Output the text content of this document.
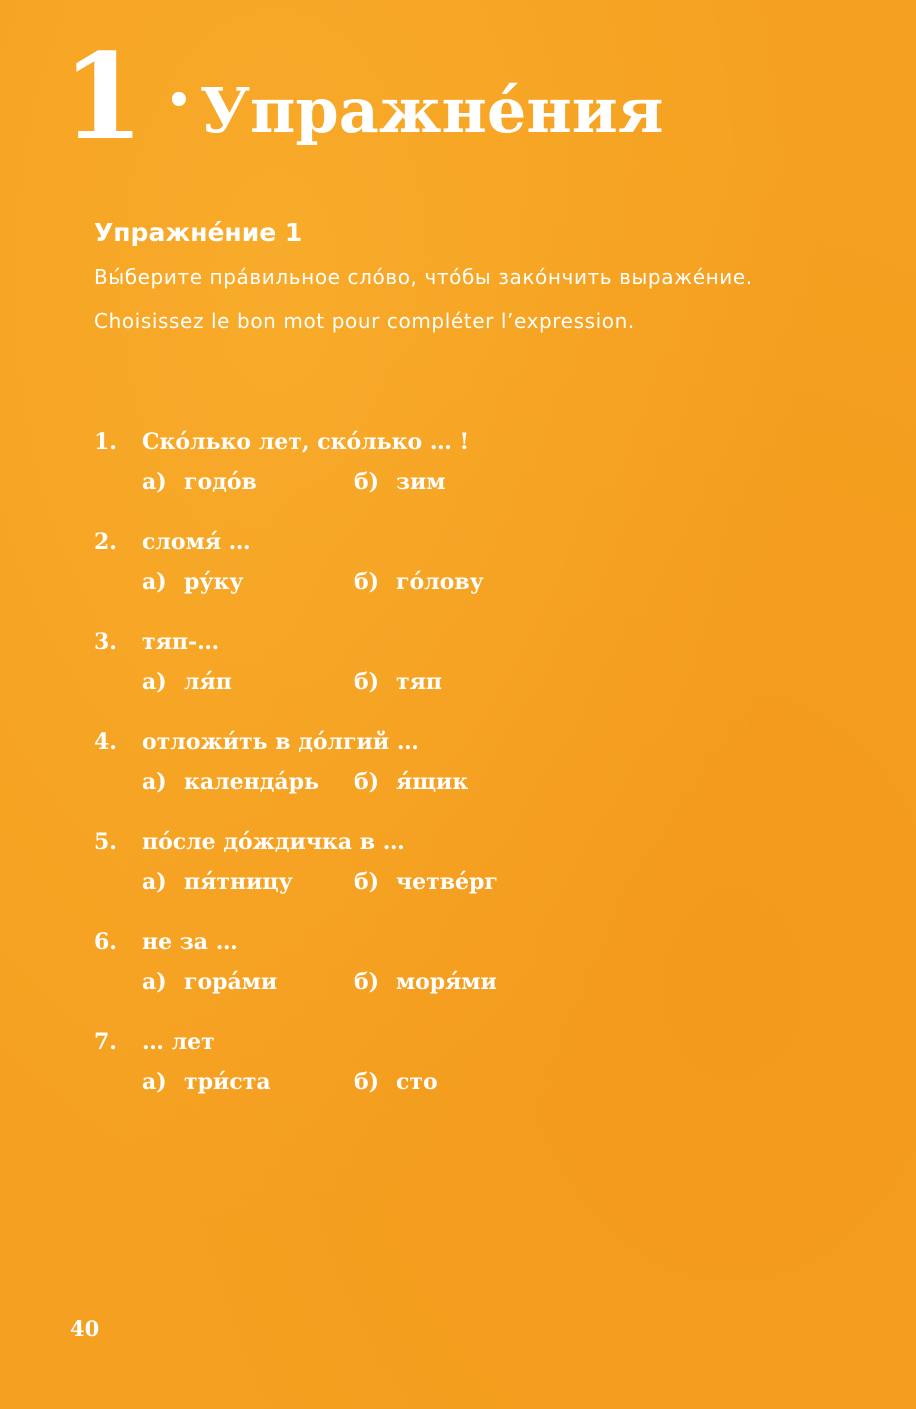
1 • Упражне́ния
Упражне́ние 1
Вы́берите пра́вильное сло́во, что́бы зако́нчить выраже́ние.
Choisissez le bon mot pour compléter l’expression.
1.	Ско́лько лет, ско́лько … !
а) годо́в	б) зим
2.	сломя́ …
а) ру́ку	б) го́лову
3.	тяп-…
а) ля́п	б) тяп
4.	отложи́ть в до́лгий …
а) календа́рь б) я́щик
5.	по́сле до́ждичка в …
а) пя́тницу	б) четве́рг
6.	не за …
а) гора́ми	б) моря́ми
7.	… лет
а) три́ста	б) сто
40
